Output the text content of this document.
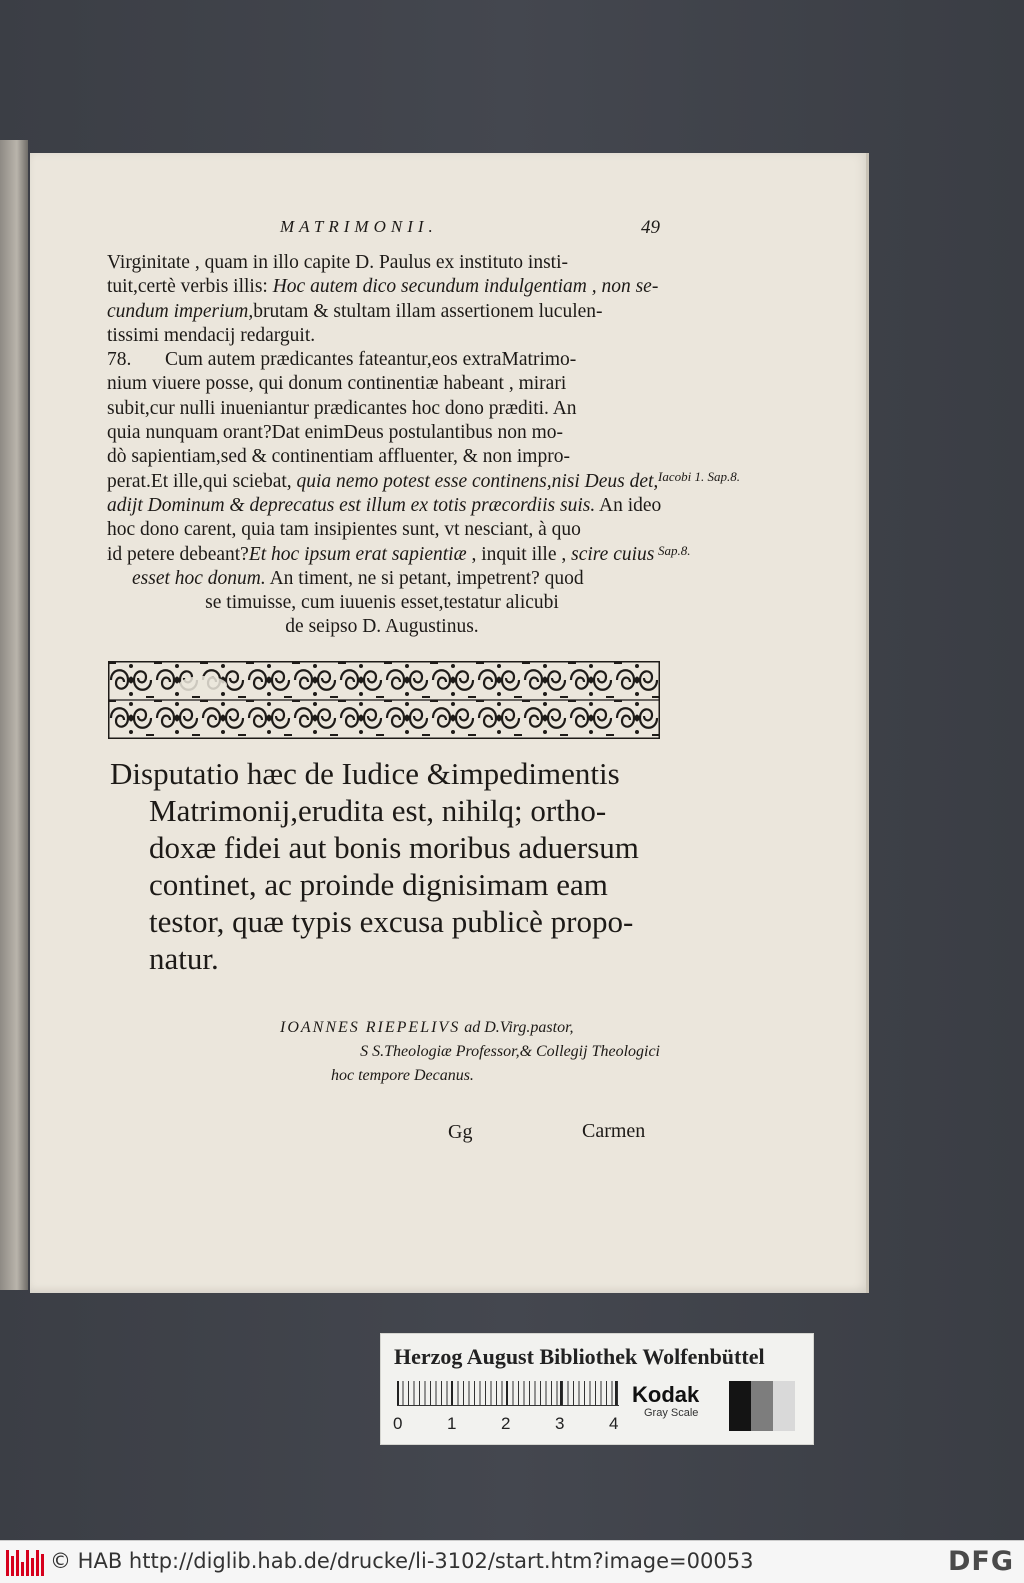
MATRIMONII.	49
Virginitate , quam in illo capite D. Paulus ex instituto insti-
tuit,certè verbis illis: Hoc autem dico secundum indulgentiam , non se-
cundum imperium,brutam & stultam illam assertionem luculen-
tissimi mendacij redarguit.
78. Cum autem prædicantes fateantur,eos extraMatrimo-
nium viuere posse, qui donum continentiæ habeant , mirari
subit,cur nulli inueniantur prædicantes hoc dono præditi. An
quia nunquam orant?Dat enimDeus postulantibus non mo-
dò sapientiam,sed & continentiam affluenter, & non impro-
perat.Et ille,qui sciebat, quia nemo potest esse continens,nisi Deus det,
adijt Dominum & deprecatus est illum ex totis præcordiis suis. An ideo
hoc dono carent, quia tam insipientes sunt, vt nesciant, à quo
id petere debeant?Et hoc ipsum erat sapientiæ , inquit ille , scire cuius
esset hoc donum. An timent, ne si petant, impetrent? quod
se timuisse, cum iuuenis esset,testatur alicubi
de seipso D. Augustinus.
Iacobi 1. Sap.8.
Sap.8.
Disputatio hæc de Iudice &impedimentis
Matrimonij,erudita est, nihilq; ortho-
doxæ fidei aut bonis moribus aduersum
continet, ac proinde dignisimam eam
testor, quæ typis excusa publicè propo-
natur.
IOANNES RIEPELIVS ad D.Virg.pastor,
S S.Theologiæ Professor,& Collegij Theologici
hoc tempore Decanus.
Gg	Carmen
Herzog August Bibliothek Wolfenbüttel
0	1	2	3	4
Kodak
Gray Scale
© HAB http://diglib.hab.de/drucke/li-3102/start.htm?image=00053	DFG
